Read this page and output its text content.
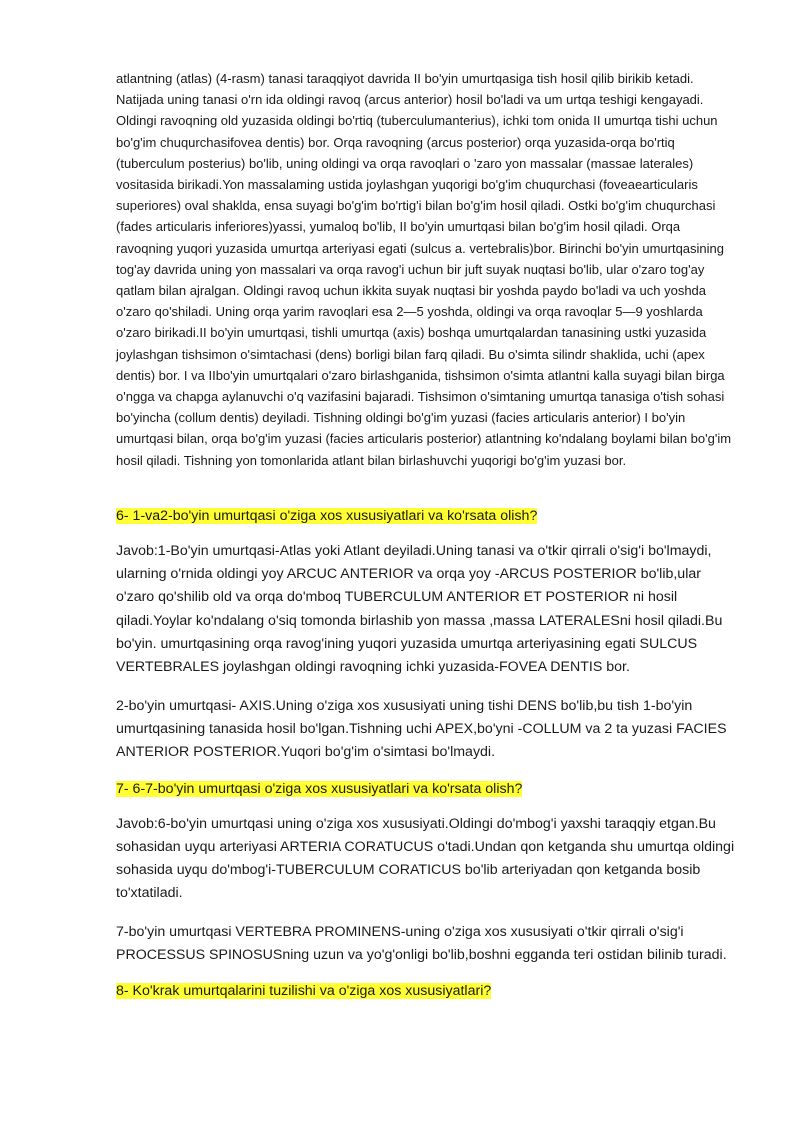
atlantning (atlas) (4-rasm) tanasi taraqqiyot davrida II bo'yin umurtqasiga tish hosil qilib birikib ketadi. Natijada uning tanasi o'rn ida oldingi ravoq (arcus anterior) hosil bo'ladi va um urtqa teshigi kengayadi. Oldingi ravoqning old yuzasida oldingi bo'rtiq (tuberculumanterius), ichki tom onida II umurtqa tishi uchun bo'g'im chuqurchasifovea dentis) bor. Orqa ravoqning (arcus posterior) orqa yuzasida-orqa bo'rtiq (tuberculum posterius) bo'lib, uning oldingi va orqa ravoqlari o 'zaro yon massalar (massae laterales) vositasida birikadi.Yon massalaming ustida joylashgan yuqorigi bo'g'im chuqurchasi (foveaearticularis superiores) oval shaklda, ensa suyagi bo'g'im bo'rtig'i bilan bo'g'im hosil qiladi. Ostki bo'g'im chuqurchasi (fades articularis inferiores)yassi, yumaloq bo'lib, II bo'yin umurtqasi bilan bo'g'im hosil qiladi. Orqa ravoqning yuqori yuzasida umurtqa arteriyasi egati (sulcus a. vertebralis)bor. Birinchi bo'yin umurtqasining tog'ay davrida uning yon massalari va orqa ravog'i uchun bir juft suyak nuqtasi bo'lib, ular o'zaro tog'ay qatlam bilan ajralgan. Oldingi ravoq uchun ikkita suyak nuqtasi bir yoshda paydo bo'ladi va uch yoshda o'zaro qo'shiladi. Uning orqa yarim ravoqlari esa 2—5 yoshda, oldingi va orqa ravoqlar 5—9 yoshlarda o'zaro birikadi.II bo'yin umurtqasi, tishli umurtqa (axis) boshqa umurtqalardan tanasining ustki yuzasida joylashgan tishsimon o'simtachasi (dens) borligi bilan farq qiladi. Bu o'simta silindr shaklida, uchi (apex dentis) bor. I va IIbo'yin umurtqalari o'zaro birlashganida, tishsimon o'simta atlantni kalla suyagi bilan birga o'ngga va chapga aylanuvchi o'q vazifasini bajaradi. Tishsimon o'simtaning umurtqa tanasiga o'tish sohasi bo'yincha (collum dentis) deyiladi. Tishning oldingi bo'g'im yuzasi (facies articularis anterior) I bo'yin umurtqasi bilan, orqa bo'g'im yuzasi (facies articularis posterior) atlantning ko'ndalang boylami bilan bo'g'im hosil qiladi. Tishning yon tomonlarida atlant bilan birlashuvchi yuqorigi bo'g'im yuzasi bor.

6- 1-va2-bo'yin umurtqasi o'ziga xos xususiyatlari va ko'rsata olish?

Javob:1-Bo'yin umurtqasi-Atlas yoki Atlant deyiladi.Uning tanasi va o'tkir qirrali o'sig'i bo'lmaydi, ularning o'rnida oldingi yoy ARCUC ANTERIOR va orqa yoy -ARCUS POSTERIOR bo'lib,ular o'zaro qo'shilib old va orqa do'mboq TUBERCULUM ANTERIOR ET POSTERIOR ni hosil qiladi.Yoylar ko'ndalang o'siq tomonda birlashib yon massa ,massa LATERALESni hosil qiladi.Bu bo'yin. umurtqasining orqa ravog'ining yuqori yuzasida umurtqa arteriyasining egati SULCUS VERTEBRALES joylashgan oldingi ravoqning ichki yuzasida-FOVEA DENTIS bor.

2-bo'yin umurtqasi- AXIS.Uning o'ziga xos xususiyati uning tishi DENS bo'lib,bu tish 1-bo'yin umurtqasining tanasida hosil bo'lgan.Tishning uchi APEX,bo'yni -COLLUM va 2 ta yuzasi FACIES ANTERIOR POSTERIOR.Yuqori bo'g'im o'simtasi bo'lmaydi.

7- 6-7-bo'yin umurtqasi o'ziga xos xususiyatlari va ko'rsata olish?

Javob:6-bo'yin umurtqasi uning o'ziga xos xususiyati.Oldingi do'mbog'i yaxshi taraqqiy etgan.Bu sohasidan uyqu arteriyasi ARTERIA CORATUCUS o'tadi.Undan qon ketganda shu umurtqa oldingi sohasida uyqu do'mbog'i-TUBERCULUM CORATICUS bo'lib arteriyadan qon ketganda bosib to'xtatiladi.

7-bo'yin umurtqasi VERTEBRA PROMINENS-uning o'ziga xos xususiyati o'tkir qirrali o'sig'i PROCESSUS SPINOSUSning uzun va yo'g'onligi bo'lib,boshni egganda teri ostidan bilinib turadi.

8- Ko'krak umurtqalarini tuzilishi va o'ziga xos xususiyatlari?
